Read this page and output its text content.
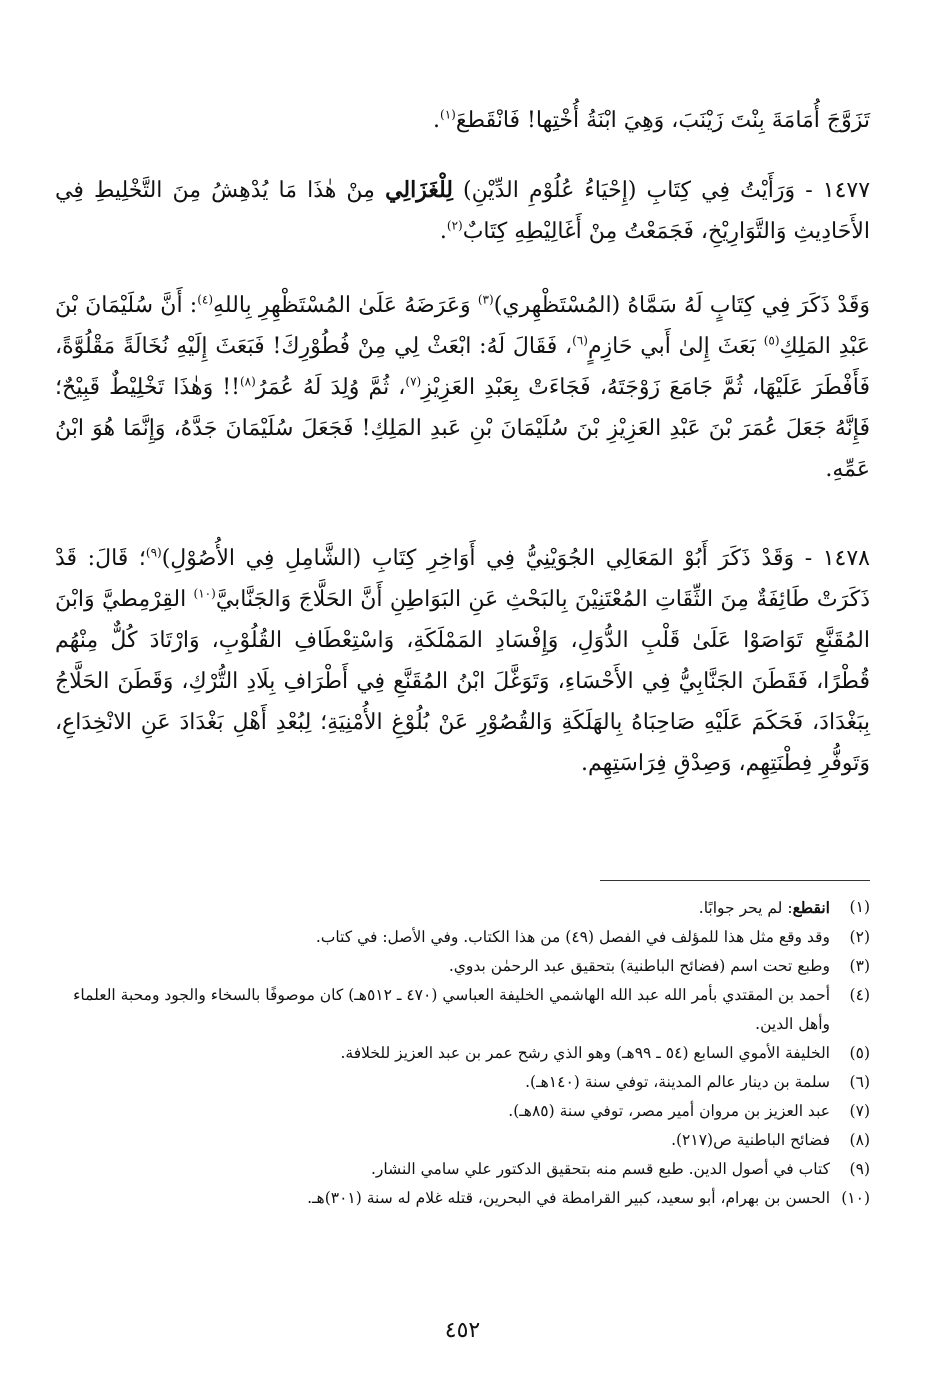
تَزَوَّجَ أُمَامَةَ بِنْتَ زَيْنَبَ، وَهِيَ ابْنَةُ أُخْتِها! فَانْقَطعَ$^{(١)}$.

١٤٧٧ - وَرَأَيْتُ فِي كِتَابِ (إِحْيَاءُ عُلُوْمِ الدِّيْنِ) لِلْغَزَالِي مِنْ هٰذَا مَا يُدْهِشُ مِنَ التَّخْلِيطِ فِي الأَحَادِيثِ وَالتَّوَارِيْخِ، فَجَمَعْتُ مِنْ أَغَالِيْطِهِ كِتَابٌ$^{(٢)}$.

وَقَدْ ذَكَرَ فِي كِتَابٍ لَهُ سَمَّاهُ (المُسْتَظْهِري)$^{(٣)}$ وَعَرَضَهُ عَلَىٰ المُسْتَظْهِرِ بِاللهِ$^{(٤)}$: أَنَّ سُلَيْمَانَ بْنَ عَبْدِ المَلِكِ$^{(٥)}$ بَعَثَ إِلىٰ أَبي حَازِمٍ$^{(٦)}$، فَقَالَ لَهُ: ابْعَثْ لِي مِنْ فُطُوْرِكَ! فَبَعَثَ إِلَيْهِ نُخَالَةً مَقْلُوَّةً، فَأَفْطَرَ عَلَيْهَا، ثُمَّ جَامَعَ زَوْجَتَهُ، فَجَاءَتْ بِعَبْدِ العَزِيْزِ$^{(٧)}$، ثُمَّ وُلِدَ لَهُ عُمَرُ$^{(٨)}$!! وَهٰذَا تَخْلِيْطٌ قَبِيْحٌ؛ فَإِنَّهُ جَعَلَ عُمَرَ بْنَ عَبْدِ العَزِيْزِ بْنَ سُلَيْمَانَ بْنِ عَبدِ المَلِكِ! فَجَعَلَ سُلَيْمَانَ جَدَّهُ، وَإِنَّمَا هُوَ ابْنُ عَمِّهِ.

١٤٧٨ - وَقَدْ ذَكَرَ أَبُوْ المَعَالِي الجُوَيْنِيُّ فِي أَوَاخِرِ كِتَابِ (الشَّامِلِ فِي الأُصُوْلِ)$^{(٩)}$؛ قَالَ: قَدْ ذَكَرَتْ طَائِفَةٌ مِنَ الثِّقَاتِ المُعْتَنِيْنَ بِالبَحْثِ عَنِ البَوَاطِنِ أَنَّ الحَلَّاجَ وَالجَنَّابيَّ$^{(١٠)}$ القِرْمِطيَّ وَابْنَ المُقَنَّعِ تَوَاصَوْا عَلَىٰ قَلْبِ الدُّوَلِ، وَإِفْسَادِ المَمْلَكَةِ، وَاسْتِعْطَافِ القُلُوْبِ، وَارْتَادَ كُلٌّ مِنْهُم قُطْرًا، فَقَطَنَ الجَنَّابِيُّ فِي الأَحْسَاءِ، وَتَوَغَّلَ ابْنُ المُقَنَّعِ فِي أَطْرَافِ بِلَادِ التُّرْكِ، وَقَطَنَ الحَلَّاجُ بِبَغْدَادَ، فَحَكَمَ عَلَيْهِ صَاحِبَاهُ بِالهَلَكَةِ وَالقُصُوْرِ عَنْ بُلُوْغِ الأُمْنِيَةِ؛ لِبُعْدِ أَهْلِ بَغْدَادَ عَنِ الانْخِدَاعِ، وَتَوفُّرِ فِطْنَتِهِم، وَصِدْقِ فِرَاسَتِهِم.

(١)
انقطع: لم يحر جوابًا.

(٢)
وقد وقع مثل هذا للمؤلف في الفصل (٤٩) من هذا الكتاب. وفي الأصل: في كتاب.

(٣)
وطبع تحت اسم (فضائح الباطنية) بتحقيق عبد الرحمٰن بدوي.

(٤)
أحمد بن المقتدي بأمر الله عبد الله الهاشمي الخليفة العباسي (٤٧٠ ـ ٥١٢هـ) كان موصوفًا بالسخاء والجود ومحبة العلماء وأهل الدين.

(٥)
الخليفة الأموي السابع (٥٤ ـ ٩٩هـ) وهو الذي رشح عمر بن عبد العزيز للخلافة.

(٦)
سلمة بن دينار عالم المدينة، توفي سنة (١٤٠هـ).

(٧)
عبد العزيز بن مروان أمير مصر، توفي سنة (٨٥هـ).

(٨)
فضائح الباطنية ص(٢١٧).

(٩)
كتاب في أصول الدين. طبع قسم منه بتحقيق الدكتور علي سامي النشار.

(١٠)
الحسن بن بهرام، أبو سعيد، كبير القرامطة في البحرين، قتله غلام له سنة (٣٠١)هـ.

٤٥٢
